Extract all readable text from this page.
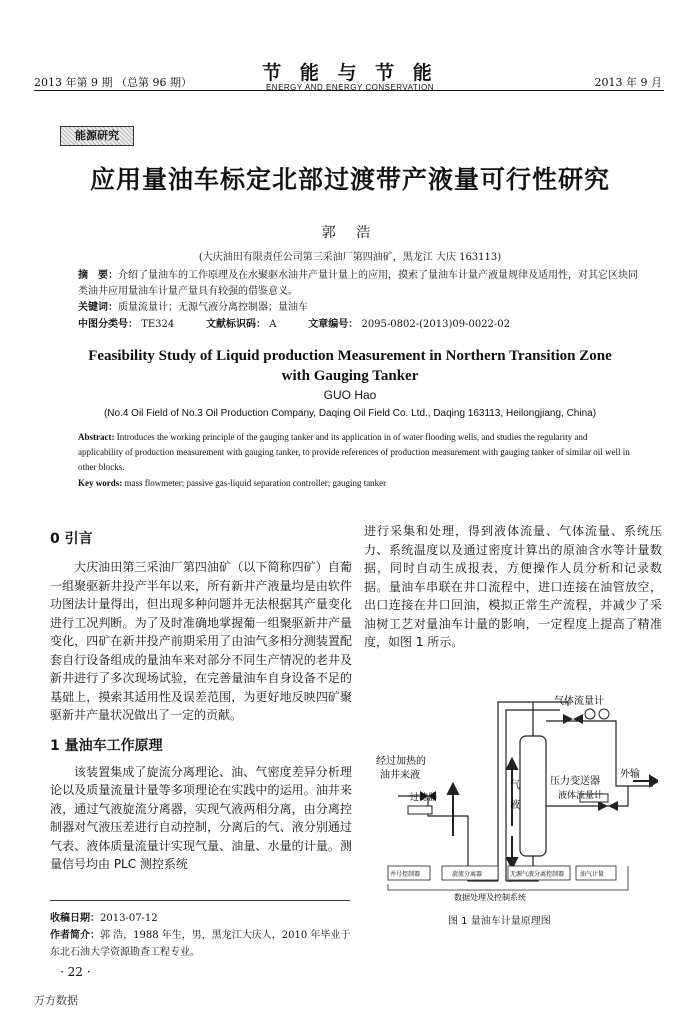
2013 年第 9 期 （总第 96 期）	节 能 与 节 能
ENERGY AND ENERGY CONSERVATION	2013 年 9 月
能源研究
应用量油车标定北部过渡带产液量可行性研究
郭 浩
(大庆油田有限责任公司第三采油厂第四油矿，黑龙江 大庆 163113)
摘　要：介绍了量油车的工作原理及在水聚驱水油井产量计量上的应用，摸索了量油车计量产液量规律及适用性，对其它区块同类油井应用量油车计量产量具有较强的借鉴意义。
关键词：质量流量计；无源气液分离控制器；量油车
中图分类号： TE324	文献标识码： A	文章编号： 2095-0802-(2013)09-0022-02
Feasibility Study of Liquid production Measurement in Northern Transition Zone with Gauging Tanker
GUO Hao
(No.4 Oil Field of No.3 Oil Production Company, Daqing Oil Field Co. Ltd., Daqing 163113, Heilongjiang, China)
Abstract: Introduces the working principle of the gauging tanker and its application in of water flooding wells, and studies the regularity and applicability of production measurement with gauging tanker, to provide references of production measurement with gauging tanker of similar oil well in other blocks.
Key words: mass flowmeter; passive gas-liquid separation controller; gauging tanker
0 引言
大庆油田第三采油厂第四油矿（以下简称四矿）自葡一组聚驱新井投产半年以来，所有新井产液量均是由软件功图法计量得出，但出现多种问题并无法根据其产量变化进行工况判断。为了及时准确地掌握葡一组聚驱新井产量变化，四矿在新井投产前期采用了由油气多相分测装置配套自行设备组成的量油车来对部分不同生产情况的老井及新井进行了多次现场试验，在完善量油车自身设备不足的基础上，摸索其适用性及误差范围，为更好地反映四矿聚驱新井产量状况做出了一定的贡献。
1 量油车工作原理
该装置集成了旋流分离理论、油、气密度差异分析理论以及质量流量计量等多项理论在实践中的运用。油井来液，通过气液旋流分离器，实现气液两相分离，由分离控制器对气液压差进行自动控制，分离后的气、液分别通过气表、液体质量流量计实现气量、油量、水量的计量。测量信号均由 PLC 测控系统
进行采集和处理，得到液体流量、气体流量、系统压力、系统温度以及通过密度计算出的原油含水等计量数据，同时自动生成报表，方便操作人员分析和记录数据。量油车串联在井口流程中，进口连接在油管放空，出口连接在井口回油，模拟正常生产流程，并减少了采油树工艺对量油车计量的影响，一定程度上提高了精准度，如图 1 所示。
气体流量计
外输
经过加热的
油井来液
过滤器
气
液
压力变送器
液体流量计
井号控制器	旋流分离器	无源气液分离控制器	油气计量
数据处理及控制系统
图 1 量油车计量原理图
收稿日期：2013-07-12
作者简介：郭 浩，1988 年生，男，黑龙江大庆人，2010 年毕业于东北石油大学资源勘查工程专业。
· 22 ·
万方数据
